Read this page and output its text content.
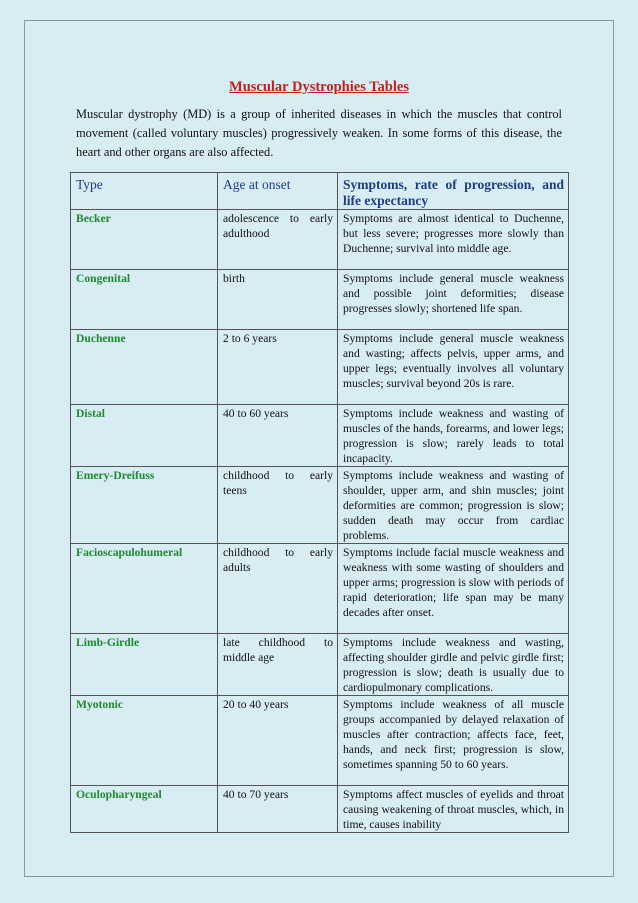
Muscular Dystrophies Tables
Muscular dystrophy (MD) is a group of inherited diseases in which the muscles that control movement (called voluntary muscles) progressively weaken. In some forms of this disease, the heart and other organs are also affected.
Type	Age at onset	Symptoms, rate of progression, and life expectancy
Becker	adolescence to early adulthood	Symptoms are almost identical to Duchenne, but less severe; progresses more slowly than Duchenne; survival into middle age.
Congenital	birth	Symptoms include general muscle weakness and possible joint deformities; disease progresses slowly; shortened life span.
Duchenne	2 to 6 years	Symptoms include general muscle weakness and wasting; affects pelvis, upper arms, and upper legs; eventually involves all voluntary muscles; survival beyond 20s is rare.
Distal	40 to 60 years	Symptoms include weakness and wasting of muscles of the hands, forearms, and lower legs; progression is slow; rarely leads to total incapacity.
Emery-Dreifuss	childhood to early teens	Symptoms include weakness and wasting of shoulder, upper arm, and shin muscles; joint deformities are common; progression is slow; sudden death may occur from cardiac problems.
Facioscapulohumeral	childhood to early adults	Symptoms include facial muscle weakness and weakness with some wasting of shoulders and upper arms; progression is slow with periods of rapid deterioration; life span may be many decades after onset.
Limb-Girdle	late childhood to middle age	Symptoms include weakness and wasting, affecting shoulder girdle and pelvic girdle first; progression is slow; death is usually due to cardiopulmonary complications.
Myotonic	20 to 40 years	Symptoms include weakness of all muscle groups accompanied by delayed relaxation of muscles after contraction; affects face, feet, hands, and neck first; progression is slow, sometimes spanning 50 to 60 years.
Oculopharyngeal	40 to 70 years	Symptoms affect muscles of eyelids and throat causing weakening of throat muscles, which, in time, causes inability
